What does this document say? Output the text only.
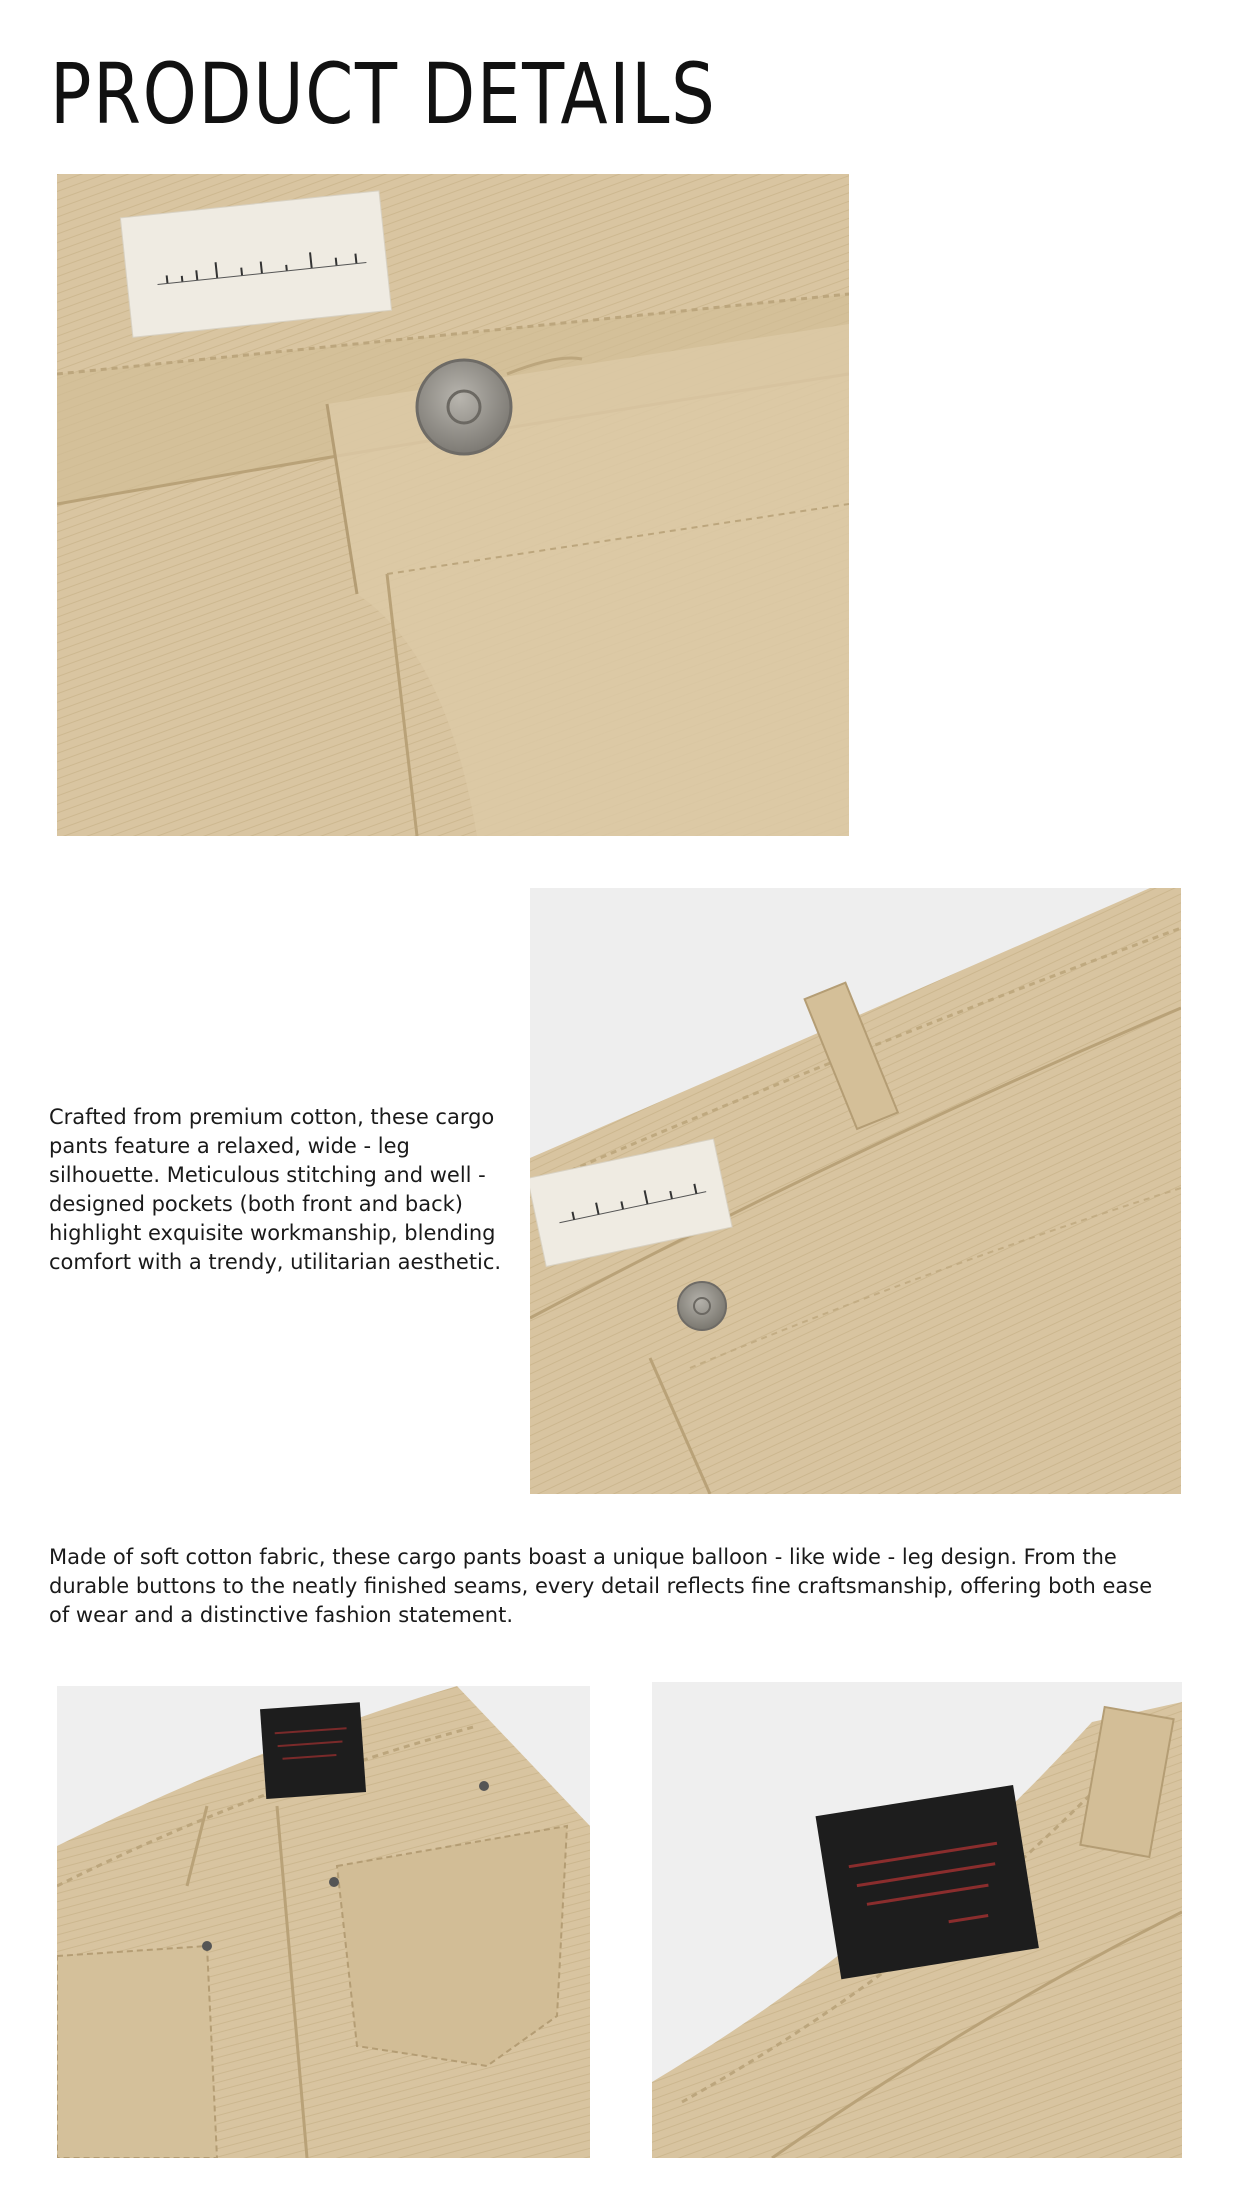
PRODUCT DETAILS

Crafted from premium cotton, these cargo pants feature a relaxed, wide - leg silhouette. Meticulous stitching and well - designed pockets (both front and back) highlight exquisite workmanship, blending comfort with a trendy, utilitarian aesthetic.

Made of soft cotton fabric, these cargo pants boast a unique balloon - like wide - leg design. From the durable buttons to the neatly finished seams, every detail reflects fine craftsmanship, offering both ease of wear and a distinctive fashion statement.
